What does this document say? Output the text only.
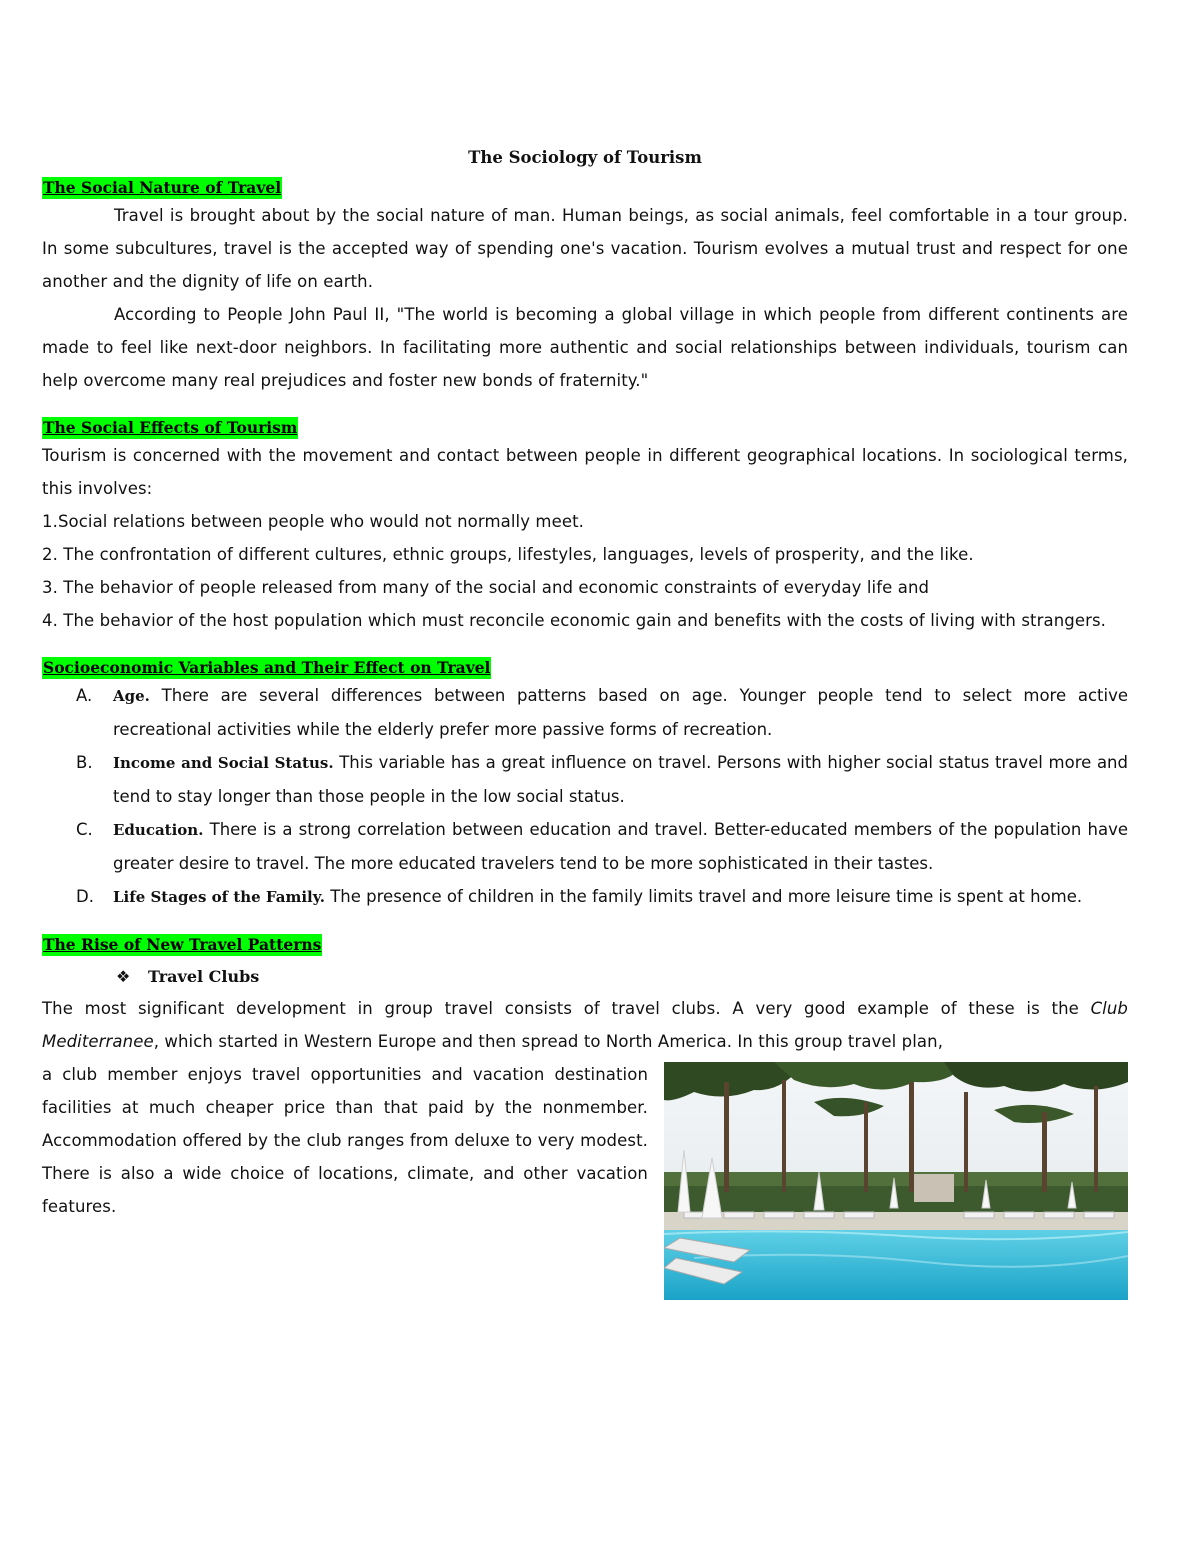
The Sociology of Tourism
The Social Nature of Travel

Travel is brought about by the social nature of man. Human beings, as social animals, feel comfortable in a tour group. In some subcultures, travel is the accepted way of spending one's vacation. Tourism evolves a mutual trust and respect for one another and the dignity of life on earth.

According to People John Paul II, "The world is becoming a global village in which people from different continents are made to feel like next-door neighbors. In facilitating more authentic and social relationships between individuals, tourism can help overcome many real prejudices and foster new bonds of fraternity."

The Social Effects of Tourism

Tourism is concerned with the movement and contact between people in different geographical locations. In sociological terms, this involves:

1.Social relations between people who would not normally meet.

2. The confrontation of different cultures, ethnic groups, lifestyles, languages, levels of prosperity, and the like.

3. The behavior of people released from many of the social and economic constraints of everyday life and

4. The behavior of the host population which must reconcile economic gain and benefits with the costs of living with strangers.

Socioeconomic Variables and Their Effect on Travel
A. Age. There are several differences between patterns based on age. Younger people tend to select more active recreational activities while the elderly prefer more passive forms of recreation.
B. Income and Social Status. This variable has a great influence on travel. Persons with higher social status travel more and tend to stay longer than those people in the low social status.
C. Education. There is a strong correlation between education and travel. Better-educated members of the population have greater desire to travel. The more educated travelers tend to be more sophisticated in their tastes.
D. Life Stages of the Family. The presence of children in the family limits travel and more leisure time is spent at home.
The Rise of New Travel Patterns
❖ Travel Clubs

The most significant development in group travel consists of travel clubs. A very good example of these is the Club Mediterranee, which started in Western Europe and then spread to North America. In this group travel plan,

a club member enjoys travel opportunities and vacation destination facilities at much cheaper price than that paid by the nonmember. Accommodation offered by the club ranges from deluxe to very modest. There is also a wide choice of locations, climate, and other vacation features.
